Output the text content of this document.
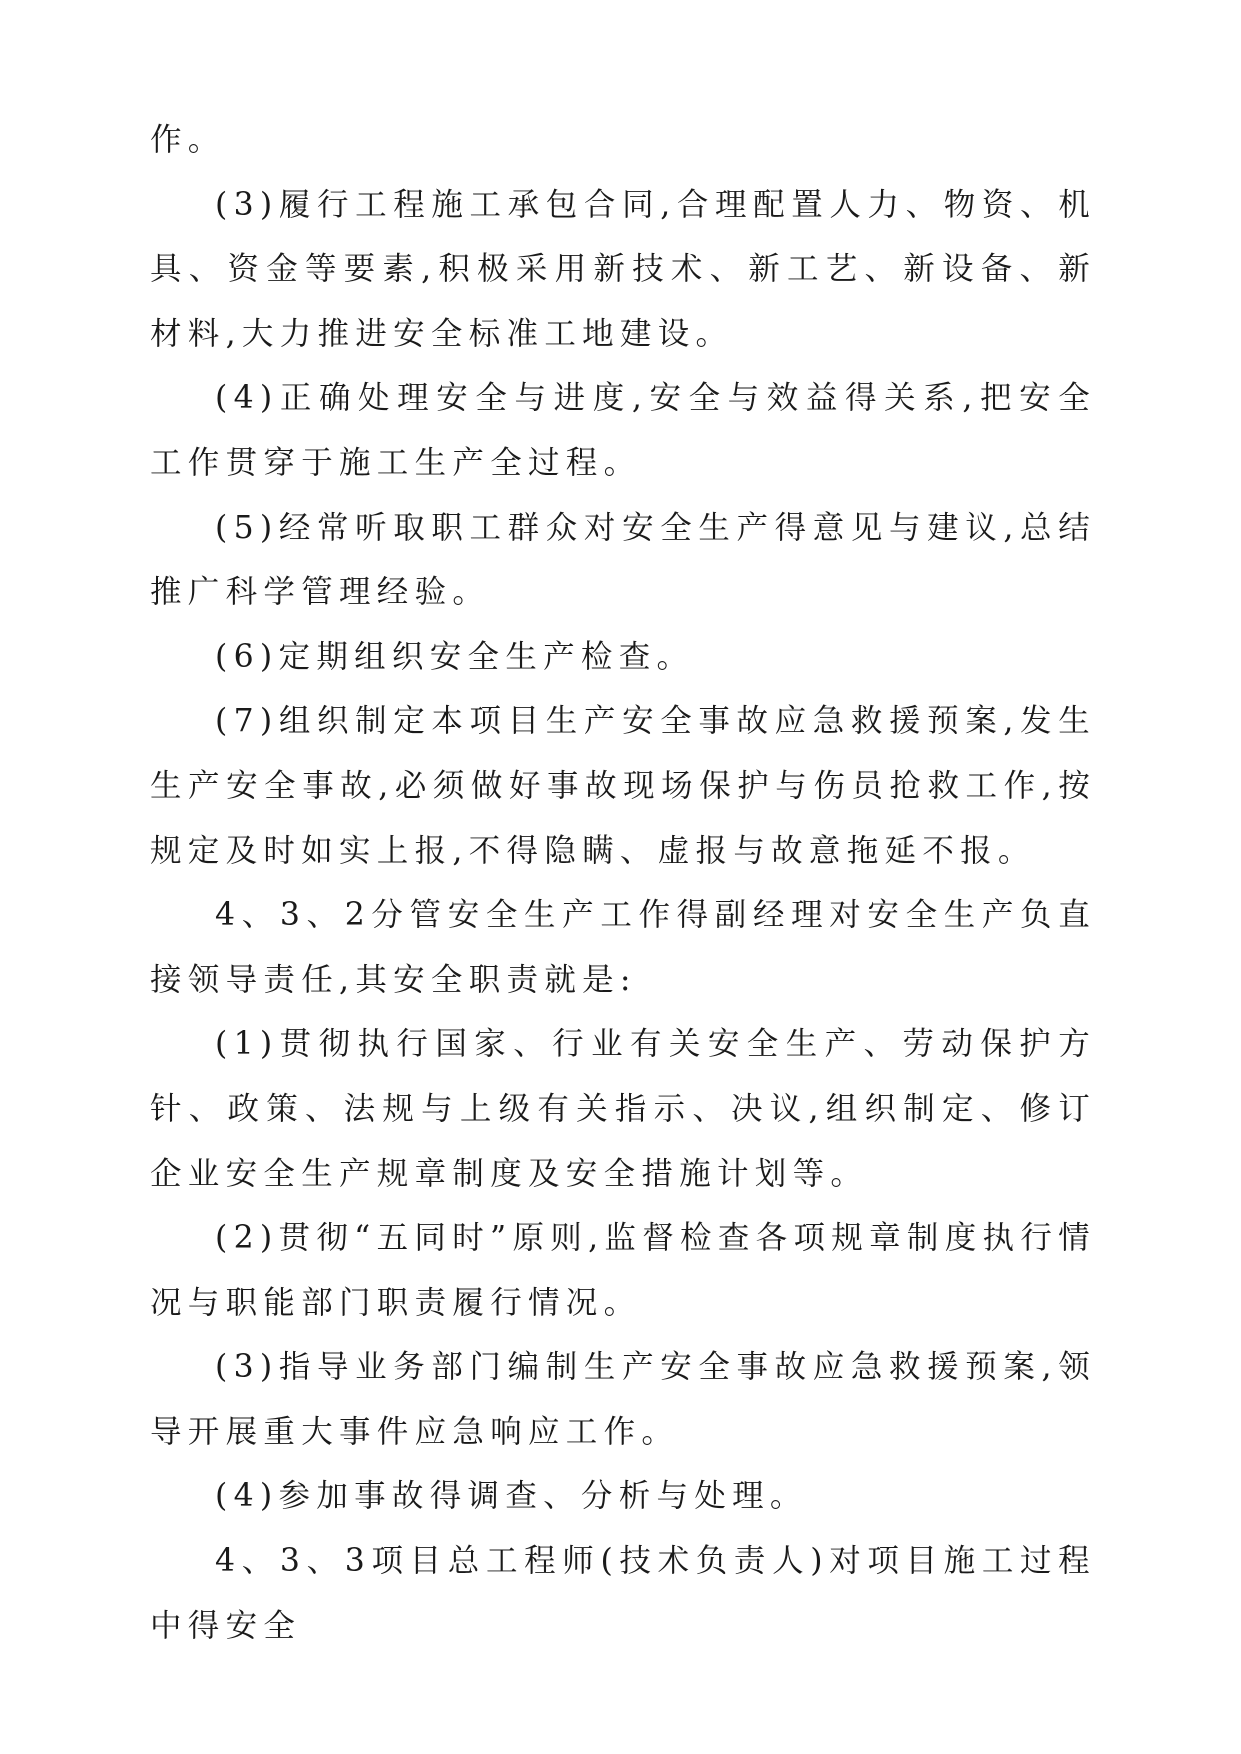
作。

(3)履行工程施工承包合同,合理配置人力、物资、机具、资金等要素,积极采用新技术、新工艺、新设备、新材料,大力推进安全标准工地建设。

(4)正确处理安全与进度,安全与效益得关系,把安全工作贯穿于施工生产全过程。

(5)经常听取职工群众对安全生产得意见与建议,总结推广科学管理经验。

(6)定期组织安全生产检查。

(7)组织制定本项目生产安全事故应急救援预案,发生生产安全事故,必须做好事故现场保护与伤员抢救工作,按规定及时如实上报,不得隐瞒、虚报与故意拖延不报。

4、3、2分管安全生产工作得副经理对安全生产负直接领导责任,其安全职责就是:

(1)贯彻执行国家、行业有关安全生产、劳动保护方针、政策、法规与上级有关指示、决议,组织制定、修订企业安全生产规章制度及安全措施计划等。

(2)贯彻“五同时”原则,监督检查各项规章制度执行情况与职能部门职责履行情况。

(3)指导业务部门编制生产安全事故应急救援预案,领导开展重大事件应急响应工作。

(4)参加事故得调查、分析与处理。

4、3、3项目总工程师(技术负责人)对项目施工过程中得安全
